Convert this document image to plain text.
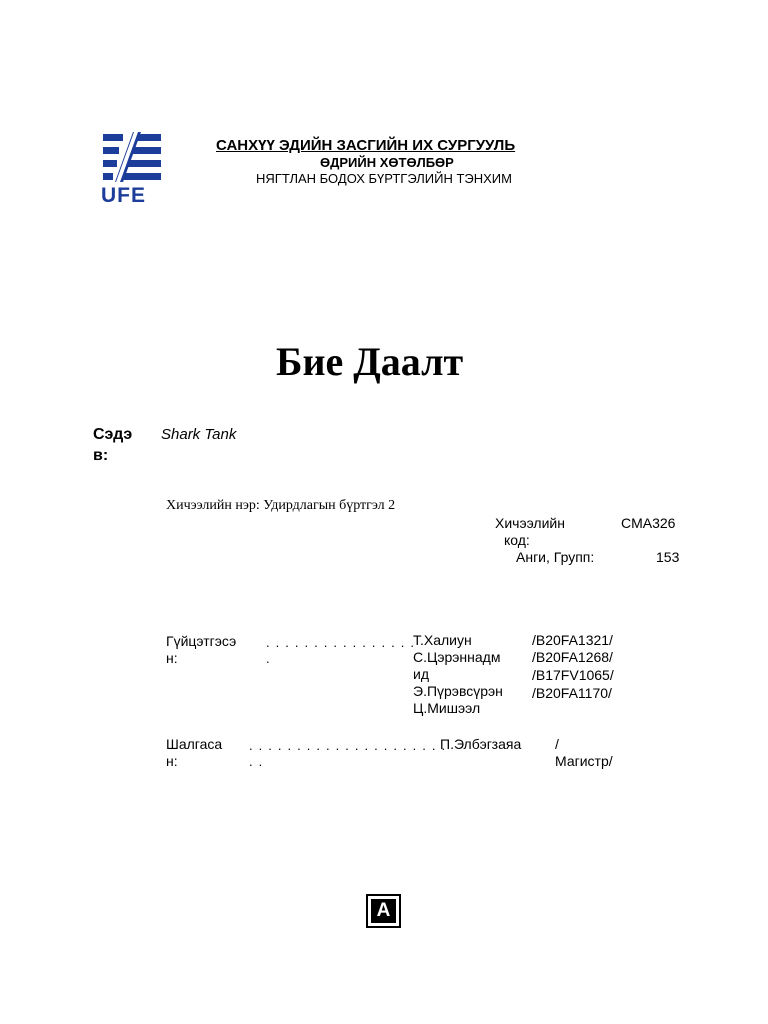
UFE
САНХҮҮ ЭДИЙН ЗАСГИЙН ИХ СУРГУУЛЬ
ӨДРИЙН ХӨТӨЛБӨР
НЯГТЛАН БОДОХ БҮРТГЭЛИЙН ТЭНХИМ
Бие Даалт
Сэдэ
в:
Shark Tank
Хичээлийн нэр: Удирдлагын бүртгэл 2
Хичээлийн
код:
CMA326
Анги, Групп:	153
Гүйцэтгэсэ
н:
. . . . . . . . . . . . . . . .
.
Т.Халиун
С.Цэрэннадм
ид
Э.Пүрэвсүрэн
Ц.Мишээл
/B20FA1321/
/B20FA1268/
/B17FV1065/
/B20FA1170/
Шалгаса
н:
. . . . . . . . . . . . . . . . . . . . .
. .
П.Элбэгзаяа /
Магистр/
A
